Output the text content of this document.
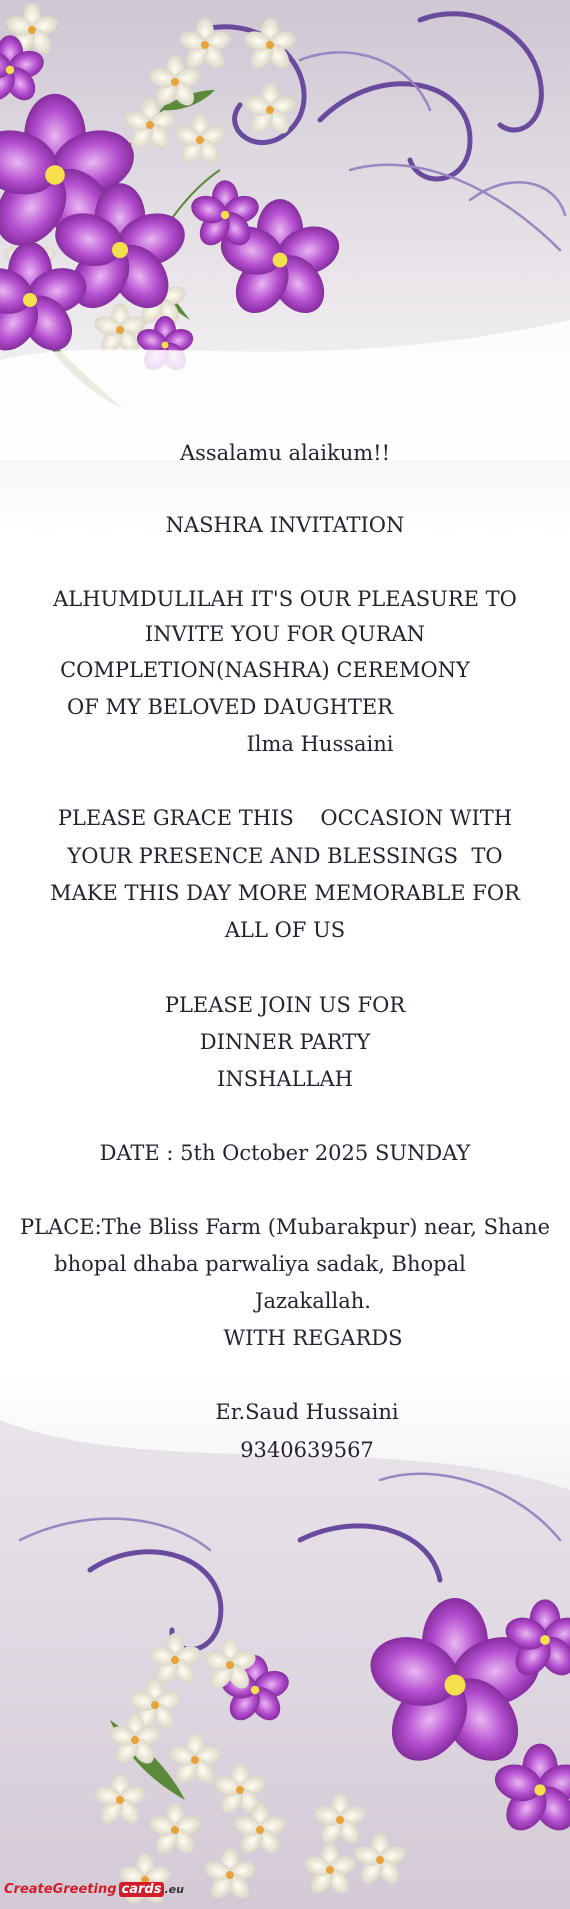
Assalamu alaikum!!
NASHRA INVITATION
ALHUMDULILAH IT'S OUR PLEASURE TO
INVITE YOU FOR QURAN
COMPLETION(NASHRA) CEREMONY
OF MY BELOVED DAUGHTER
Ilma Hussaini
PLEASE GRACE THIS    OCCASION WITH
YOUR PRESENCE AND BLESSINGS  TO
MAKE THIS DAY MORE MEMORABLE FOR
ALL OF US
PLEASE JOIN US FOR
DINNER PARTY
INSHALLAH
DATE : 5th October 2025 SUNDAY
PLACE:The Bliss Farm (Mubarakpur) near, Shane
bhopal dhaba parwaliya sadak, Bhopal
Jazakallah.
WITH REGARDS
Er.Saud Hussaini
9340639567
CreateGreeting cards .eu
